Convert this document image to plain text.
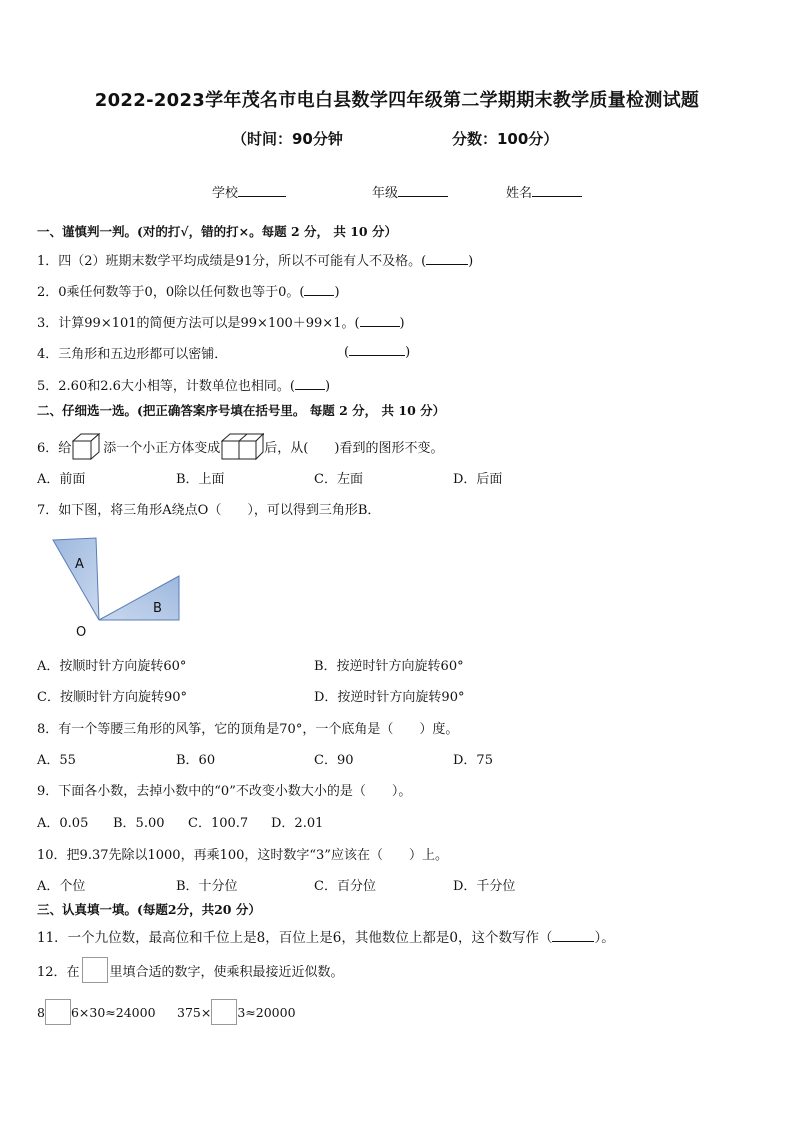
2022-2023学年茂名市电白县数学四年级第二学期期末教学质量检测试题
（时间：90分钟	分数：100分）
学校	年级	姓名
一、谨慎判一判。(对的打√，错的打×。每题 2 分， 共 10 分）
1．四（2）班期末数学平均成绩是91分，所以不可能有人不及格。(	)
2．0乘任何数等于0，0除以任何数也等于0。( )
3．计算99×101的简便方法可以是99×100＋99×1。(	)
4．三角形和五边形都可以密铺．	(	)
5．2.60和2.6大小相等，计数单位也相同。( )
二、仔细选一选。(把正确答案序号填在括号里。 每题 2 分， 共 10 分）
6．给 添一个小正方体变成	后，从(　　)看到的图形不变。
A．前面	B．上面	C．左面	D．后面
7．如下图，将三角形A绕点O（　　），可以得到三角形B．
A
B
O
A．按顺时针方向旋转60°	B．按逆时针方向旋转60°
C．按顺时针方向旋转90°	D．按逆时针方向旋转90°
8．有一个等腰三角形的风筝，它的顶角是70°，一个底角是（　　）度。
A．55	B．60	C．90	D．75
9．下面各小数，去掉小数中的“0”不改变小数大小的是（　　）。
A．0.05 B．5.00 C．100.7 D．2.01
10．把9.37先除以1000，再乘100，这时数字“3”应该在（　　）上。
A．个位	B．十分位	C．百分位	D．千分位
三、认真填一填。(每题2分，共20 分）
11．一个九位数，最高位和千位上是8，百位上是6，其他数位上都是0，这个数写作（	）。
12．在 里填合适的数字，使乘积最接近近似数。
8 6×30≈24000 375× 3≈20000
